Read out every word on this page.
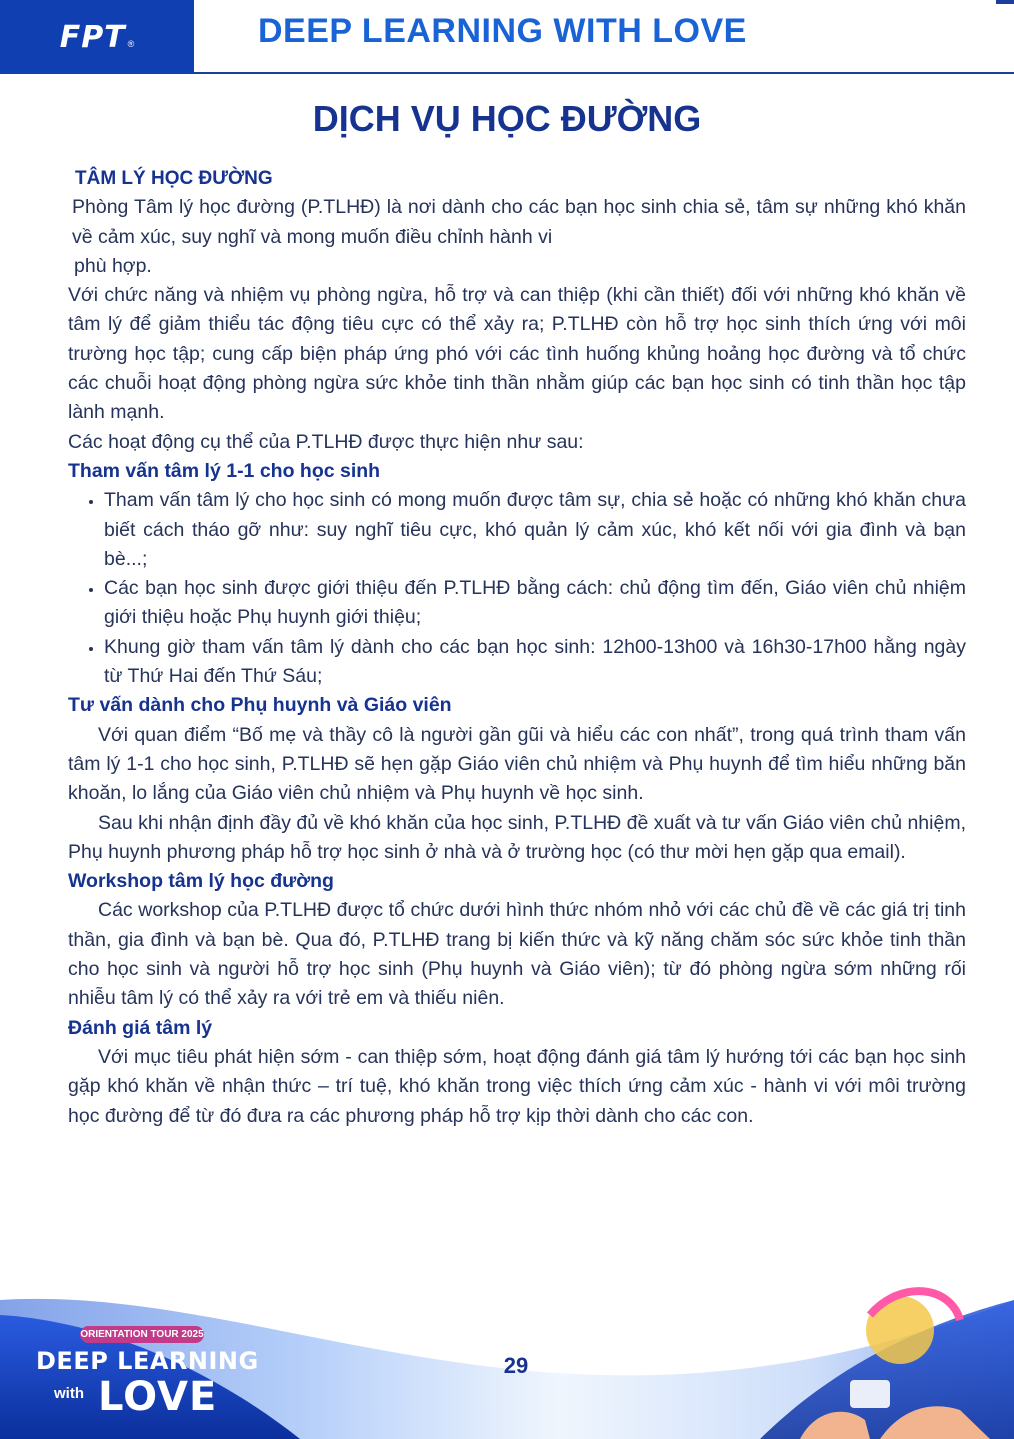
FPT ®	DEEP LEARNING WITH LOVE
DỊCH VỤ HỌC ĐƯỜNG

TÂM LÝ HỌC ĐƯỜNG

Phòng Tâm lý học đường (P.TLHĐ) là nơi dành cho các bạn học sinh chia sẻ, tâm sự những khó khăn về cảm xúc, suy nghĩ và mong muốn điều chỉnh hành vi

phù hợp.

Với chức năng và nhiệm vụ phòng ngừa, hỗ trợ và can thiệp (khi cần thiết) đối với những khó khăn về tâm lý để giảm thiểu tác động tiêu cực có thể xảy ra; P.TLHĐ còn hỗ trợ học sinh thích ứng với môi trường học tập; cung cấp biện pháp ứng phó với các tình huống khủng hoảng học đường và tổ chức các chuỗi hoạt động phòng ngừa sức khỏe tinh thần nhằm giúp các bạn học sinh có tinh thần học tập lành mạnh.

Các hoạt động cụ thể của P.TLHĐ được thực hiện như sau:

Tham vấn tâm lý 1-1 cho học sinh

• Tham vấn tâm lý cho học sinh có mong muốn được tâm sự, chia sẻ hoặc có những khó khăn chưa biết cách tháo gỡ như: suy nghĩ tiêu cực, khó quản lý cảm xúc, khó kết nối với gia đình và bạn bè...;
• Các bạn học sinh được giới thiệu đến P.TLHĐ bằng cách: chủ động tìm đến, Giáo viên chủ nhiệm giới thiệu hoặc Phụ huynh giới thiệu;
• Khung giờ tham vấn tâm lý dành cho các bạn học sinh: 12h00-13h00 và 16h30-17h00 hằng ngày từ Thứ Hai đến Thứ Sáu;

Tư vấn dành cho Phụ huynh và Giáo viên

Với quan điểm “Bố mẹ và thầy cô là người gần gũi và hiểu các con nhất”, trong quá trình tham vấn tâm lý 1-1 cho học sinh, P.TLHĐ sẽ hẹn gặp Giáo viên chủ nhiệm và Phụ huynh để tìm hiểu những băn khoăn, lo lắng của Giáo viên chủ nhiệm và Phụ huynh về học sinh.

Sau khi nhận định đầy đủ về khó khăn của học sinh, P.TLHĐ đề xuất và tư vấn Giáo viên chủ nhiệm, Phụ huynh phương pháp hỗ trợ học sinh ở nhà và ở trường học (có thư mời hẹn gặp qua email).

Workshop tâm lý học đường

Các workshop của P.TLHĐ được tổ chức dưới hình thức nhóm nhỏ với các chủ đề về các giá trị tinh thần, gia đình và bạn bè. Qua đó, P.TLHĐ trang bị kiến thức và kỹ năng chăm sóc sức khỏe tinh thần cho học sinh và người hỗ trợ học sinh (Phụ huynh và Giáo viên); từ đó phòng ngừa sớm những rối nhiễu tâm lý có thể xảy ra với trẻ em và thiếu niên.

Đánh giá tâm lý

Với mục tiêu phát hiện sớm - can thiệp sớm, hoạt động đánh giá tâm lý hướng tới các bạn học sinh gặp khó khăn về nhận thức – trí tuệ, khó khăn trong việc thích ứng cảm xúc - hành vi với môi trường học đường để từ đó đưa ra các phương pháp hỗ trợ kịp thời dành cho các con.

ORIENTATION TOUR 2025
DEEP LEARNING
with LOVE
29
